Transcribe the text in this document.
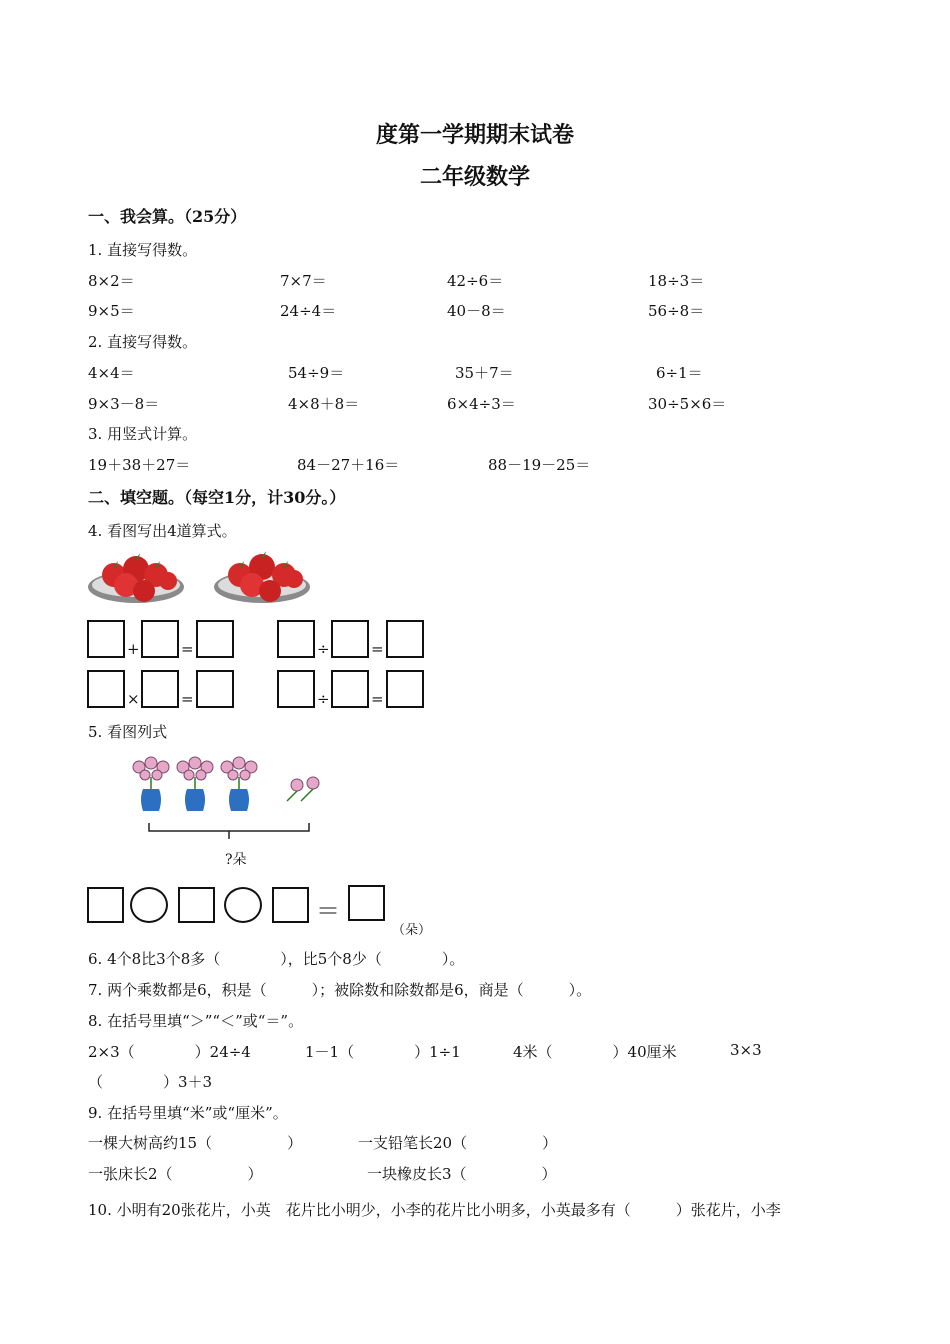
度第一学期期末试卷
二年级数学
一、我会算。（25分）
1. 直接写得数。
8×2＝	7×7＝	42÷6＝	18÷3＝
9×5＝	24÷4＝	40－8＝	56÷8＝
2. 直接写得数。
4×4＝	54÷9＝	35＋7＝	6÷1＝
9×3－8＝	4×8＋8＝	6×4÷3＝	30÷5×6＝
3. 用竖式计算。
19＋38＋27＝	84－27＋16＝	88－19－25＝
二、填空题。（每空1分，计30分。）
4. 看图写出4道算式。
+	=	÷	=
×	=	÷	=
5. 看图列式
?朵
＝
（朵）
6. 4个8比3个8多（　　　　），比5个8少（　　　　）。
7. 两个乘数都是6，积是（　　　）；被除数和除数都是6，商是（　　　）。
8. 在括号里填“＞”“＜”或“＝”。
2×3（　　　　）24÷4	1－1（　　　　）1÷1	4米（　　　　）40厘米	3×3
（　　　　）3＋3
9. 在括号里填“米”或“厘米”。
一棵大树高约15（　　　　　）	一支铅笔长20（　　　　　）
一张床长2（　　　　　）	一块橡皮长3（　　　　　）
10. 小明有20张花片，小英　花片比小明少，小李的花片比小明多，小英最多有（　　　）张花片，小李
